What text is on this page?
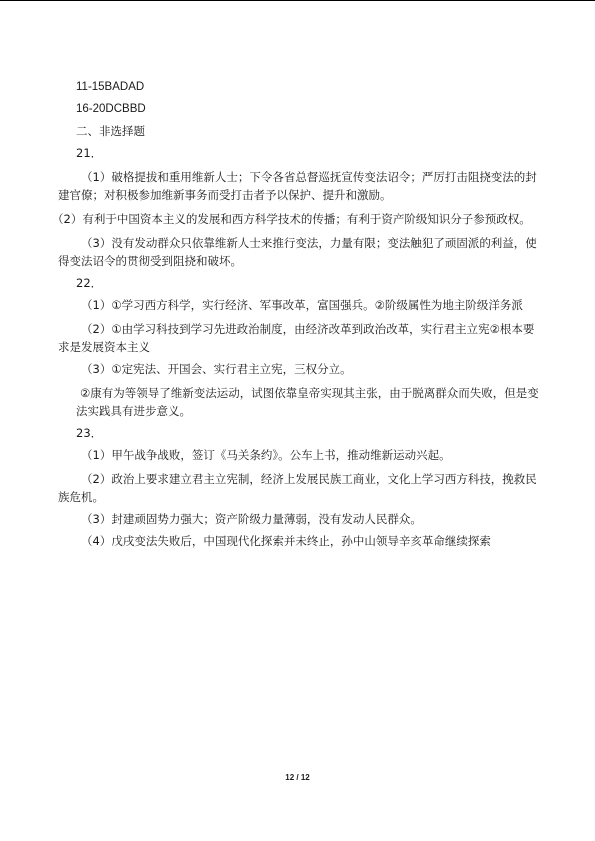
11-15BADAD

16-20DCBBD

二、非选择题

21．

（1）破格提拔和重用维新人士；下令各省总督巡抚宣传变法诏令；严厉打击阻挠变法的封建官僚；对积极参加维新事务而受打击者予以保护、提升和激励。

（2）有利于中国资本主义的发展和西方科学技术的传播；有利于资产阶级知识分子参预政权。

（3）没有发动群众只依靠维新人士来推行变法，力量有限；变法触犯了顽固派的利益，使得变法诏令的贯彻受到阻挠和破坏。

22．

（1）①学习西方科学，实行经济、军事改革，富国强兵。②阶级属性为地主阶级洋务派

（2）①由学习科技到学习先进政治制度，由经济改革到政治改革，实行君主立宪②根本要求是发展资本主义

（3）①定宪法、开国会、实行君主立宪，三权分立。

②康有为等领导了维新变法运动，试图依靠皇帝实现其主张，由于脱离群众而失败，但是变法实践具有进步意义。

23．

（1）甲午战争战败，签订《马关条约》。公车上书，推动维新运动兴起。

（2）政治上要求建立君主立宪制，经济上发展民族工商业，文化上学习西方科技，挽救民族危机。

（3）封建顽固势力强大；资产阶级力量薄弱，没有发动人民群众。

（4）戊戌变法失败后，中国现代化探索并未终止，孙中山领导辛亥革命继续探索

12 / 12
